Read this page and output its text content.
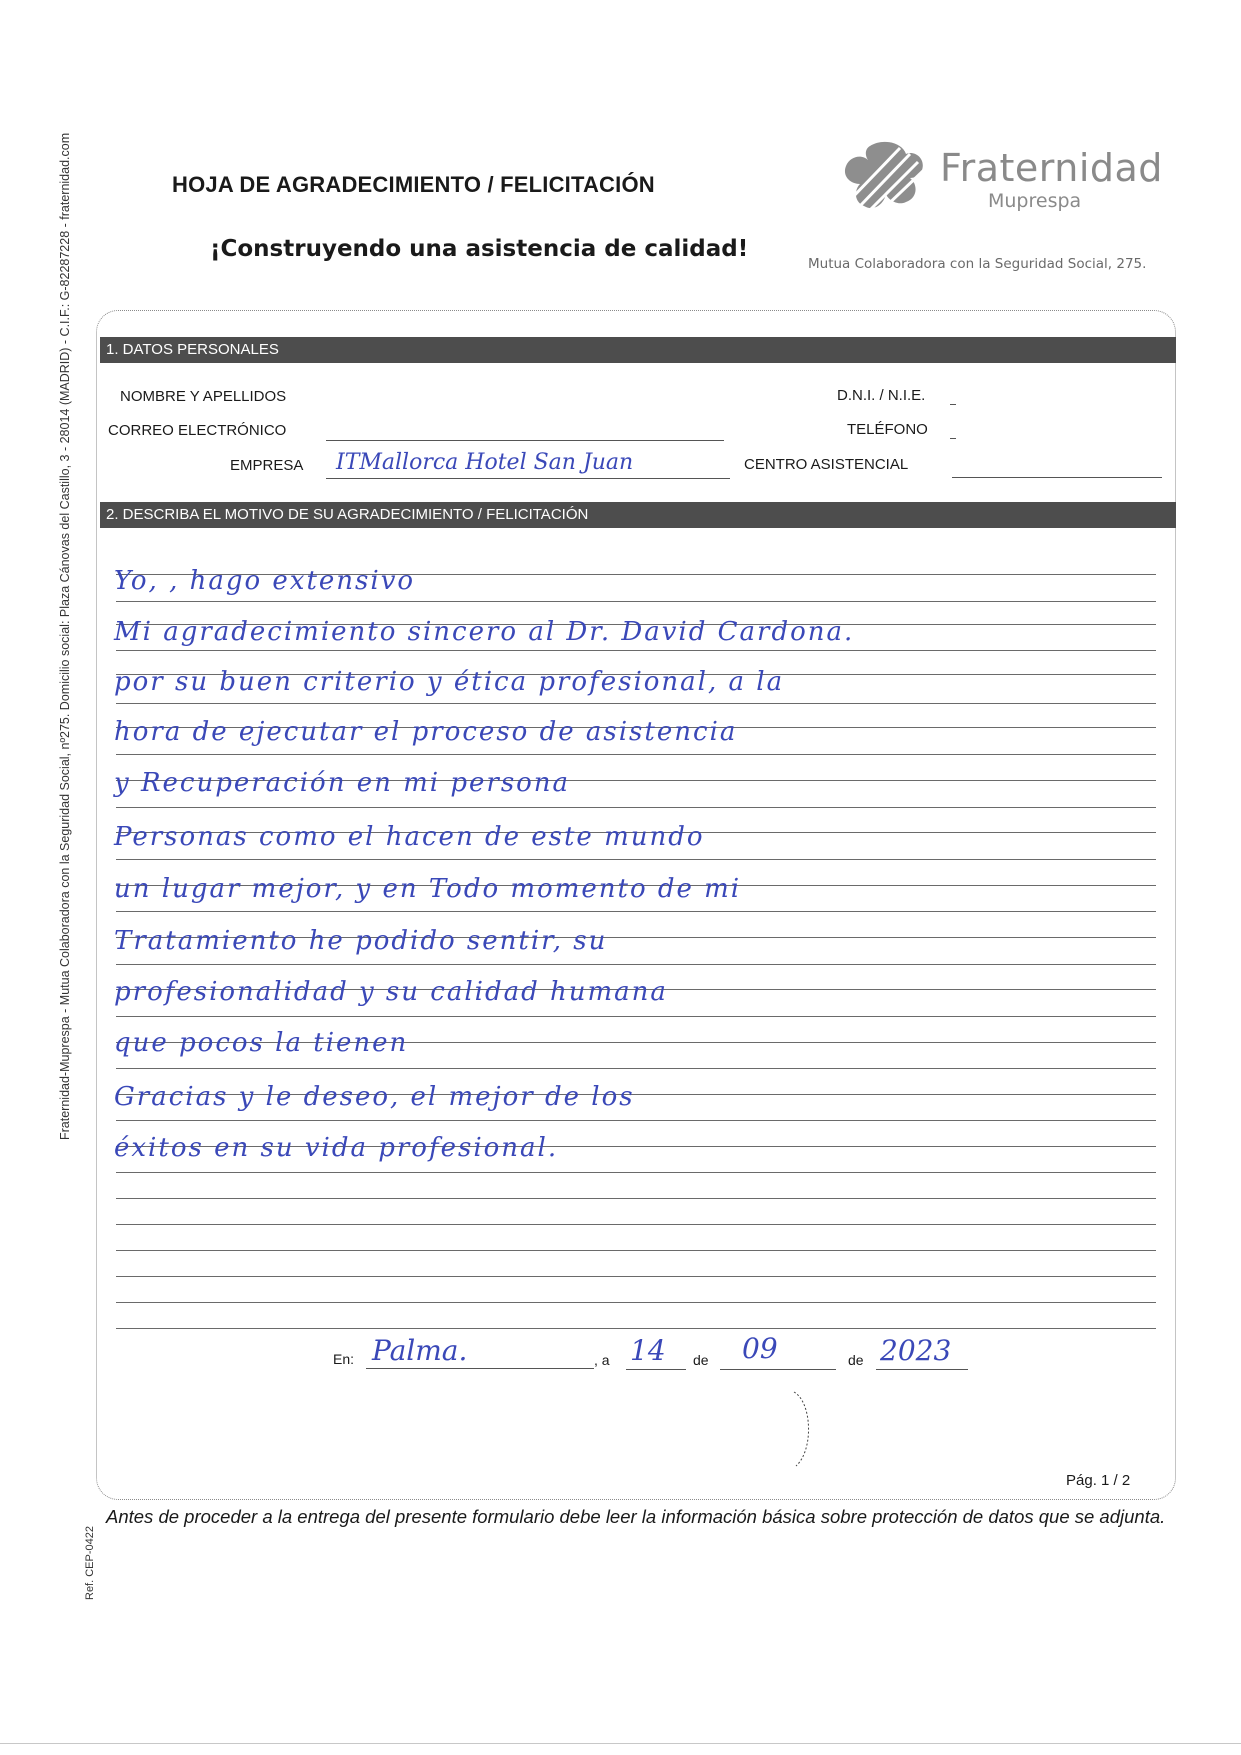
HOJA DE AGRADECIMIENTO / FELICITACIÓN
¡Construyendo una asistencia de calidad!
Fraternidad
Muprespa
Mutua Colaboradora con la Seguridad Social, 275.
Fraternidad-Muprespa - Mutua Colaboradora con la Seguridad Social, nº275. Domicilio social: Plaza Cánovas del Castillo, 3 - 28014 (MADRID) - C.I.F.: G-82287228 - fraternidad.com
Ref. CEP-0422
1. DATOS PERSONALES
NOMBRE Y APELLIDOS
CORREO ELECTRÓNICO
EMPRESA ITMallorca Hotel San Juan
D.N.I. / N.I.E.
TELÉFONO
CENTRO ASISTENCIAL
2. DESCRIBA EL MOTIVO DE SU AGRADECIMIENTO / FELICITACIÓN
Yo, , hago extensivo
Mi agradecimiento sincero al Dr. David Cardona.
por su buen criterio y ética profesional, a la
hora de ejecutar el proceso de asistencia
y Recuperación en mi persona
Personas como el hacen de este mundo
un lugar mejor, y en Todo momento de mi
Tratamiento he podido sentir, su
profesionalidad y su calidad humana
que pocos la tienen
Gracias y le deseo, el mejor de los
éxitos en su vida profesional.
En: Palma.	, a 14 de 09	de 2023
Pág. 1 / 2
Antes de proceder a la entrega del presente formulario debe leer la información básica sobre protección de datos que se adjunta.
